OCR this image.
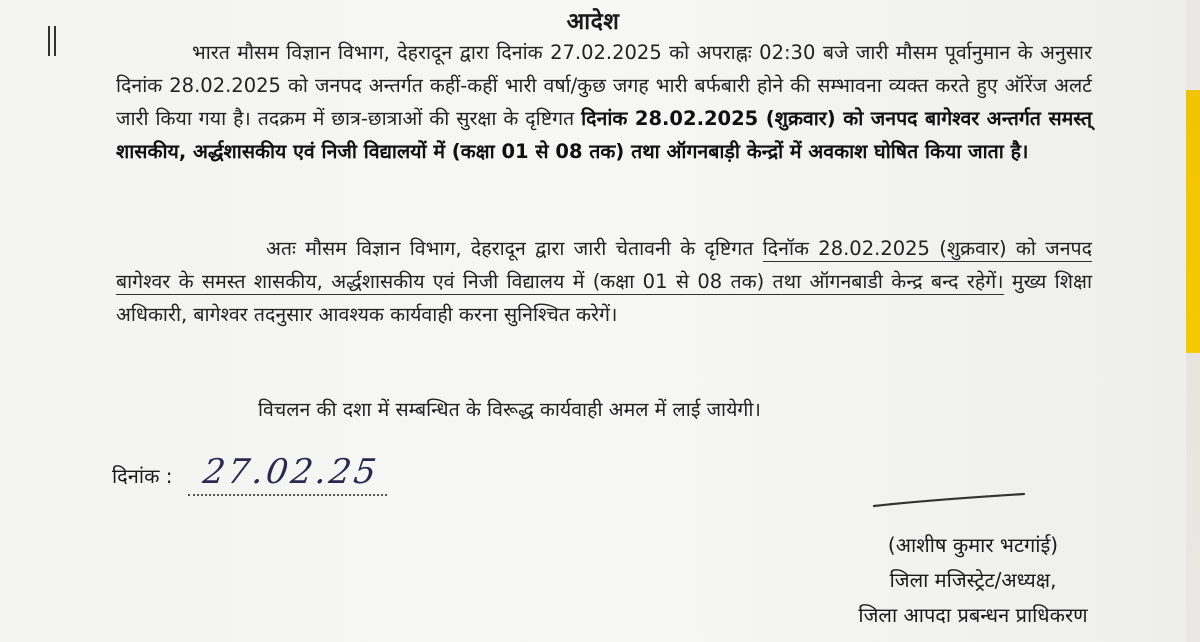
आदेश
भारत मौसम विज्ञान विभाग, देहरादून द्वारा दिनांक 27.02.2025 को अपराह्नः 02:30 बजे जारी मौसम पूर्वानुमान के अनुसार दिनांक 28.02.2025 को जनपद अन्तर्गत कहीं-कहीं भारी वर्षा/कुछ जगह भारी बर्फबारी होने की सम्भावना व्यक्त करते हुए ऑरेंज अलर्ट जारी किया गया है। तदक्रम में छात्र-छात्राओं की सुरक्षा के दृष्टिगत दिनांक 28.02.2025 (शुक्रवार) को जनपद बागेश्वर अन्तर्गत समस्त् शासकीय, अर्द्धशासकीय एवं निजी विद्यालयों में (कक्षा 01 से 08 तक) तथा ऑगनबाड़ी केन्द्रों में अवकाश घोषित किया जाता है।
अतः मौसम विज्ञान विभाग, देहरादून द्वारा जारी चेतावनी के दृष्टिगत दिनॉक 28.02.2025 (शुक्रवार) को जनपद बागेश्वर के समस्त शासकीय, अर्द्धशासकीय एवं निजी विद्यालय में (कक्षा 01 से 08 तक) तथा ऑगनबाडी केन्द्र बन्द रहेगें। मुख्य शिक्षा अधिकारी, बागेश्वर तदनुसार आवश्यक कार्यवाही करना सुनिश्चित करेगें।
विचलन की दशा में सम्बन्धित के विरूद्ध कार्यवाही अमल में लाई जायेगी।
दिनांक : 27.02.25
(आशीष कुमार भटगांई)
जिला मजिस्ट्रेट/अध्यक्ष,
जिला आपदा प्रबन्धन प्राधिकरण
